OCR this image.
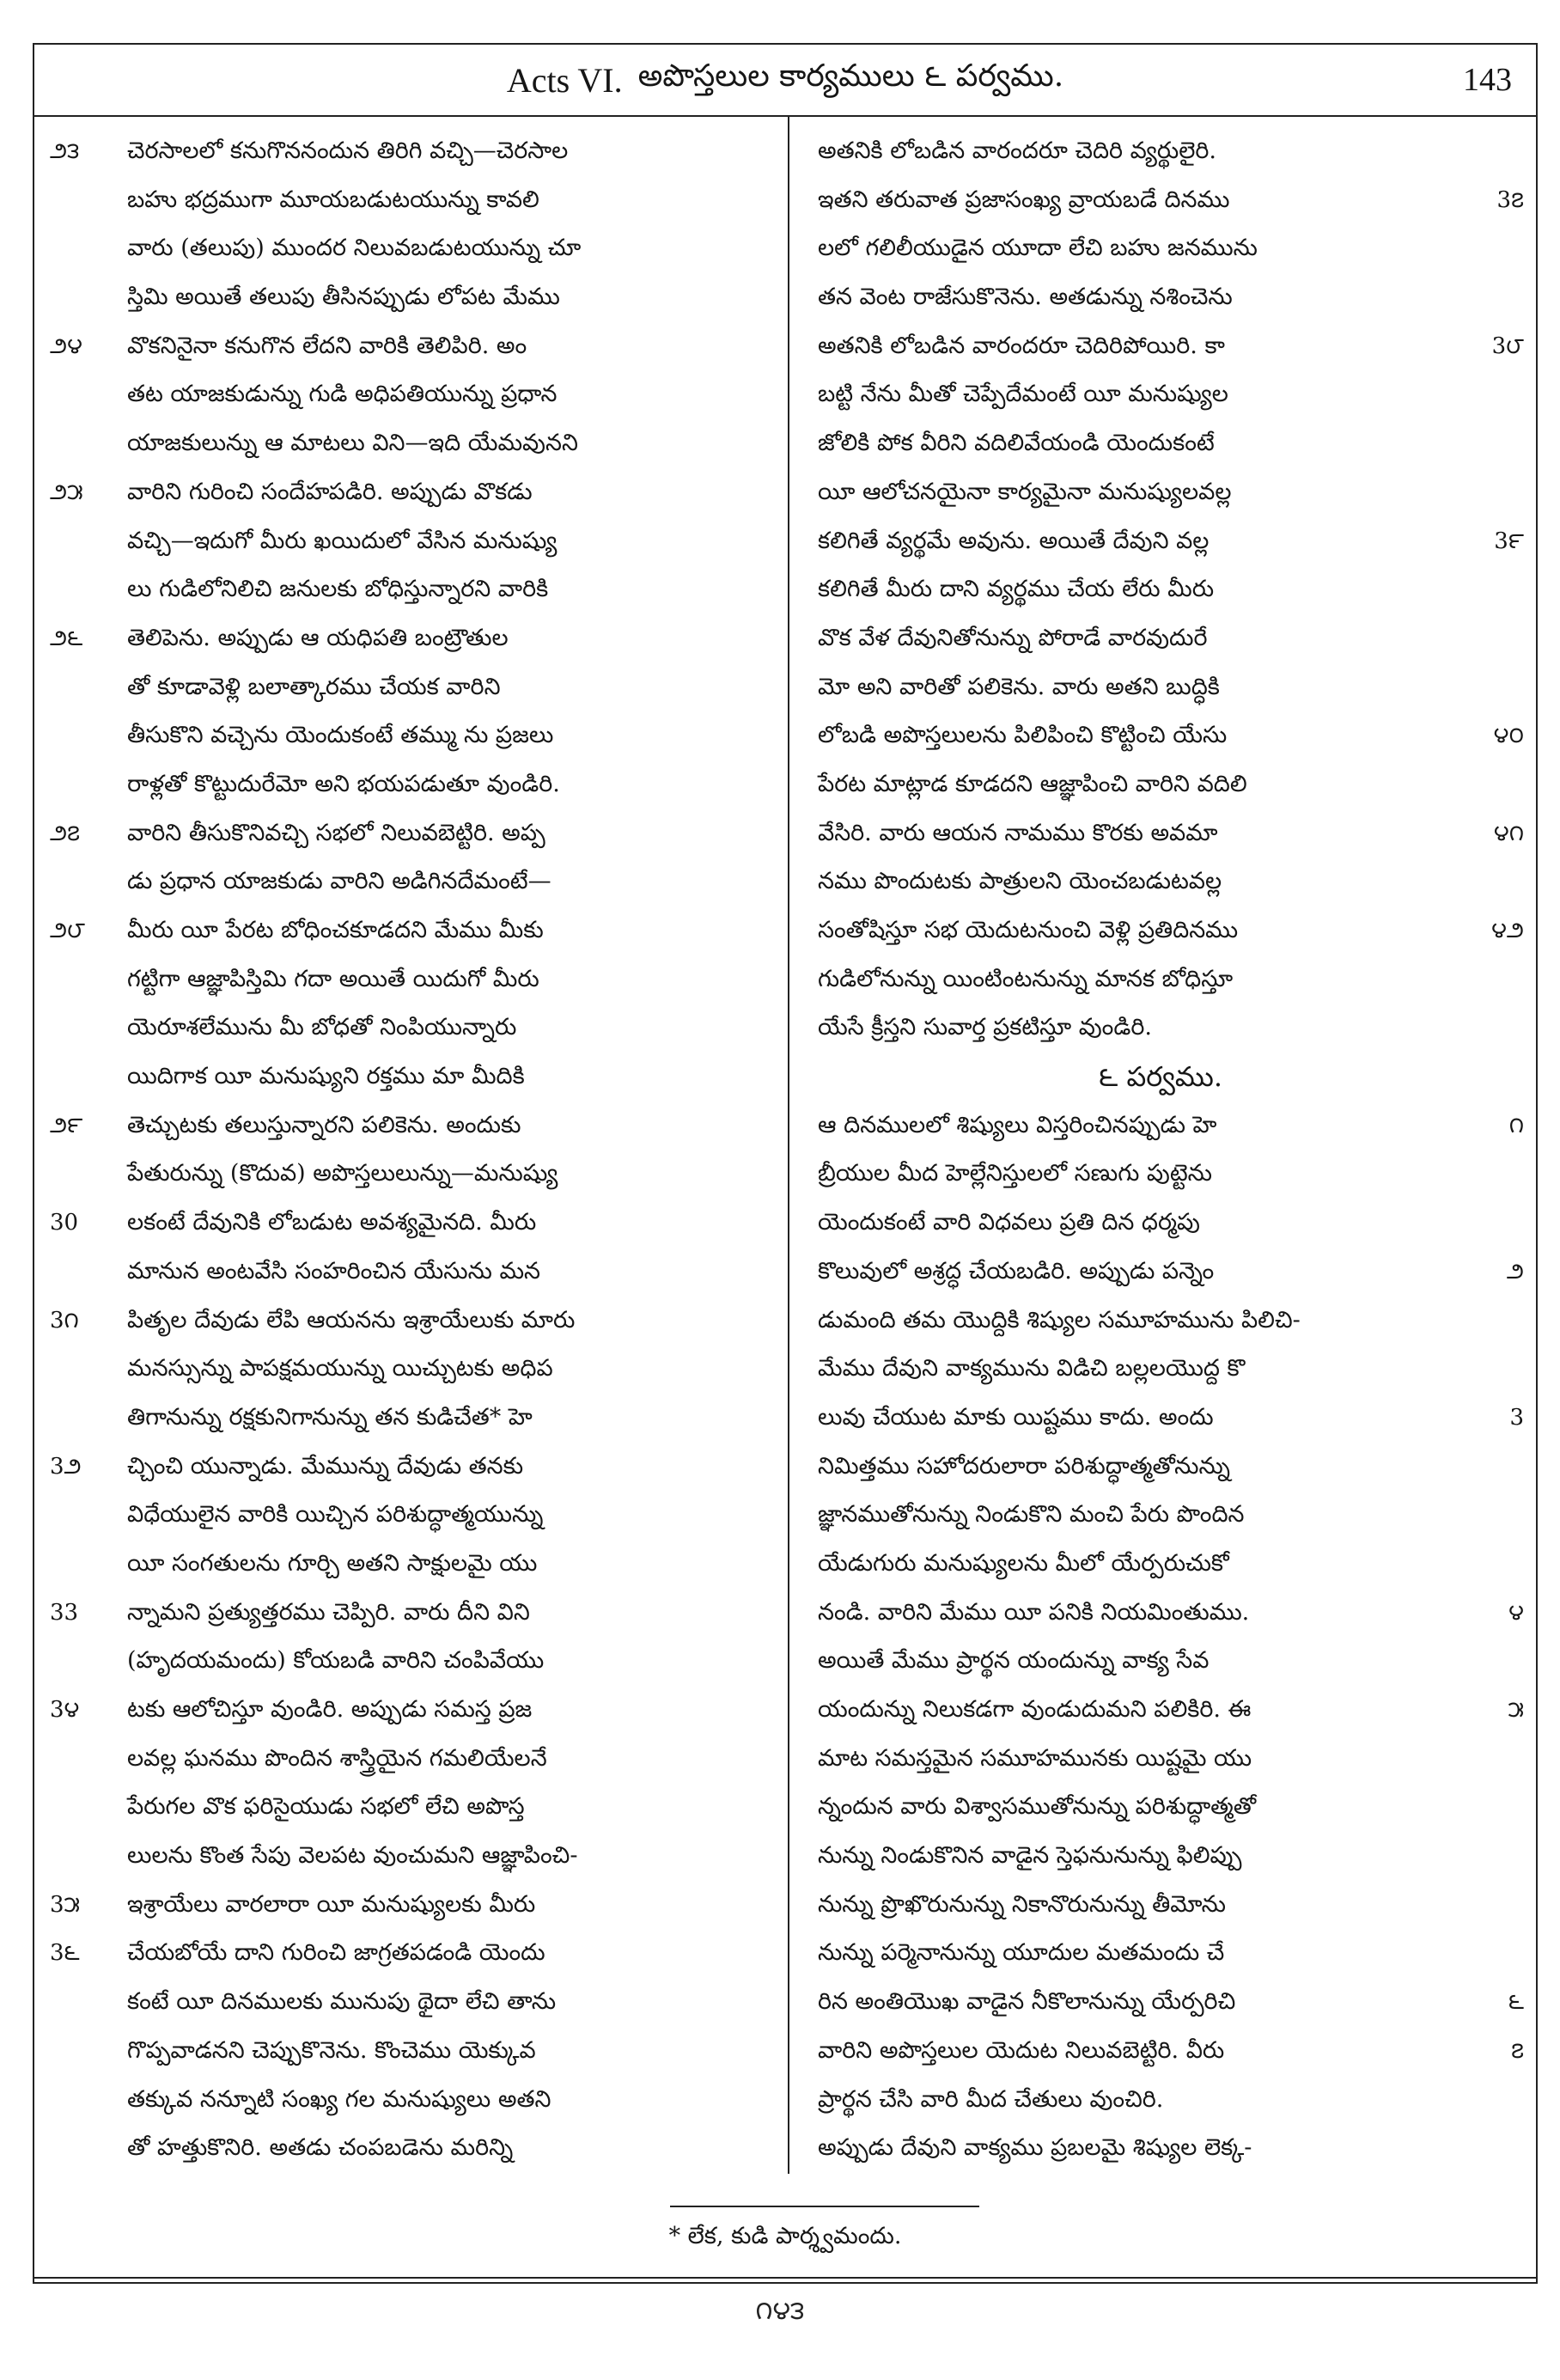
Acts VI. అపొస్తలుల కార్యములు ౬ పర్వము.	143
౨౩	చెరసాలలో కనుగొననందున తిరిగి వచ్చి—చెరసాల
బహు భద్రముగా మూయబడుటయున్ను కావలి
వారు (తలుపు) ముందర నిలువబడుటయున్ను చూ
స్తిమి అయితే తలుపు తీసినప్పుడు లోపట మేము
౨౪	వొకనినైనా కనుగొన లేదని వారికి తెలిపిరి. అం
తట యాజకుడున్ను గుడి అధిపతియున్ను ప్రధాన
యాజకులున్ను ఆ మాటలు విని—ఇది యేమవునని
౨౫	వారిని గురించి సందేహపడిరి. అప్పుడు వొకడు
వచ్చి—ఇదుగో మీరు ఖయిదులో వేసిన మనుష్యు
లు గుడిలోనిలిచి జనులకు బోధిస్తున్నారని వారికి
౨౬	తెలిపెను. అప్పుడు ఆ యధిపతి బంట్రౌతుల
తో కూడావెళ్లి బలాత్కారము చేయక వారిని
తీసుకొని వచ్చెను యెందుకంటే తమ్ము ను ప్రజలు
రాళ్లతో కొట్టుదురేమో అని భయపడుతూ వుండిరి.
౨౭	వారిని తీసుకొనివచ్చి సభలో నిలువబెట్టిరి. అప్ప
డు ప్రధాన యాజకుడు వారిని అడిగినదేమంటే—
౨౮	మీరు యీ పేరట బోధించకూడదని మేము మీకు
గట్టిగా ఆజ్ఞాపిస్తిమి గదా అయితే యిదుగో మీరు
యెరూశలేమును మీ బోధతో నింపియున్నారు
యిదిగాక యీ మనుష్యుని రక్తము మా మీదికి
౨౯	తెచ్చుటకు తలుస్తున్నారని పలికెను. అందుకు
పేతురున్ను (కొదువ) అపొస్తలులున్ను—మనుష్యు
30	లకంటే దేవునికి లోబడుట అవశ్యమైనది. మీరు
మానున అంటవేసి సంహరించిన యేసును మన
3౧	పితృల దేవుడు లేపి ఆయనను ఇశ్రాయేలుకు మారు
మనస్సున్ను పాపక్షమయున్ను యిచ్చుటకు అధిప
తిగానున్ను రక్షకునిగానున్ను తన కుడిచేత* హె
3౨	చ్చించి యున్నాడు. మేమున్ను దేవుడు తనకు
విధేయులైన వారికి యిచ్చిన పరిశుద్ధాత్మయున్ను
యీ సంగతులను గూర్చి అతని సాక్షులమై యు
33	న్నామని ప్రత్యుత్తరము చెప్పిరి. వారు దీని విని
(హృదయమందు) కోయబడి వారిని చంపివేయు
3౪	టకు ఆలోచిస్తూ వుండిరి. అప్పుడు సమస్త ప్రజ
లవల్ల ఘనము పొందిన శాస్త్రియైన గమలియేలనే
పేరుగల వొక ఫరిసైయుడు సభలో లేచి అపొస్త
లులను కొంత సేపు వెలపట వుంచుమని ఆజ్ఞాపించి-
3౫	ఇశ్రాయేలు వారలారా యీ మనుష్యులకు మీరు
3౬	చేయబోయే దాని గురించి జాగ్రతపడండి యెందు
కంటే యీ దినములకు మునుపు థైదా లేచి తాను
గొప్పవాడనని చెప్పుకొనెను. కొంచెము యెక్కువ
తక్కువ నన్నూటి సంఖ్య గల మనుష్యులు అతని
తో హత్తుకొనిరి. అతడు చంపబడెను మరిన్ని
అతనికి లోబడిన వారందరూ చెదిరి వ్యర్థులైరి.
3౭
ఇతని తరువాత ప్రజాసంఖ్య వ్రాయబడే దినము
లలో గలిలీయుడైన యూదా లేచి బహు జనమును
తన వెంట రాజేసుకొనెను. అతడున్ను నశించెను
3౮
అతనికి లోబడిన వారందరూ చెదిరిపోయిరి. కా
బట్టి నేను మీతో చెప్పేదేమంటే యీ మనుష్యుల
జోలికి పోక వీరిని వదిలివేయండి యెందుకంటే
యీ ఆలోచనయైనా కార్యమైనా మనుష్యులవల్ల
3౯
కలిగితే వ్యర్థమే అవును. అయితే దేవుని వల్ల
కలిగితే మీరు దాని వ్యర్థము చేయ లేరు మీరు
వొక వేళ దేవునితోనున్ను పోరాడే వారవుదురే
మో అని వారితో పలికెను. వారు అతని బుద్ధికి
౪౦
లోబడి అపొస్తలులను పిలిపించి కొట్టించి యేసు
పేరట మాట్లాడ కూడదని ఆజ్ఞాపించి వారిని వదిలి
౪౧
వేసిరి. వారు ఆయన నామము కొరకు అవమా
నము పొందుటకు పాత్రులని యెంచబడుటవల్ల
౪౨
సంతోషిస్తూ సభ యెదుటనుంచి వెళ్లి ప్రతిదినము
గుడిలోనున్ను యింటింటనున్ను మానక బోధిస్తూ
యేసే క్రీస్తని సువార్త ప్రకటిస్తూ వుండిరి.
౬ పర్వము.
౧
ఆ దినములలో శిష్యులు విస్తరించినప్పుడు హె
బ్రీయుల మీద హెల్లేనిస్తులలో సణుగు పుట్టెను
యెందుకంటే వారి విధవలు ప్రతి దిన ధర్మపు
౨
కొలువులో అశ్రద్ధ చేయబడిరి. అప్పుడు పన్నెం
డుమంది తమ యొద్దికి శిష్యుల సమూహమును పిలిచి-
మేము దేవుని వాక్యమును విడిచి బల్లలయొద్ద కొ
3
లువు చేయుట మాకు యిష్టము కాదు. అందు
నిమిత్తము సహోదరులారా పరిశుద్ధాత్మతోనున్ను
జ్ఞానముతోనున్ను నిండుకొని మంచి పేరు పొందిన
యేడుగురు మనుష్యులను మీలో యేర్పరుచుకో
౪
నండి. వారిని మేము యీ పనికి నియమింతుము.
అయితే మేము ప్రార్థన యందున్ను వాక్య సేవ
౫
యందున్ను నిలుకడగా వుండుదుమని పలికిరి. ఈ
మాట సమస్తమైన సమూహమునకు యిష్టమై యు
న్నందున వారు విశ్వాసముతోనున్ను పరిశుద్ధాత్మతో
నున్ను నిండుకొనిన వాడైన స్తెఫనునున్ను ఫిలిప్పు
నున్ను ప్రొఖొరునున్ను నికానొరునున్ను తీమోను
నున్ను పర్మెనానున్ను యూదుల మతమందు చే
౬
రిన అంతియొఖ వాడైన నీకొలానున్ను యేర్పరిచి
౭
వారిని అపొస్తలుల యెదుట నిలువబెట్టిరి. వీరు
ప్రార్థన చేసి వారి మీద చేతులు వుంచిరి.
అప్పుడు దేవుని వాక్యము ప్రబలమై శిష్యుల లెక్క-
* లేక, కుడి పార్శ్వమందు.
౧౪౩
